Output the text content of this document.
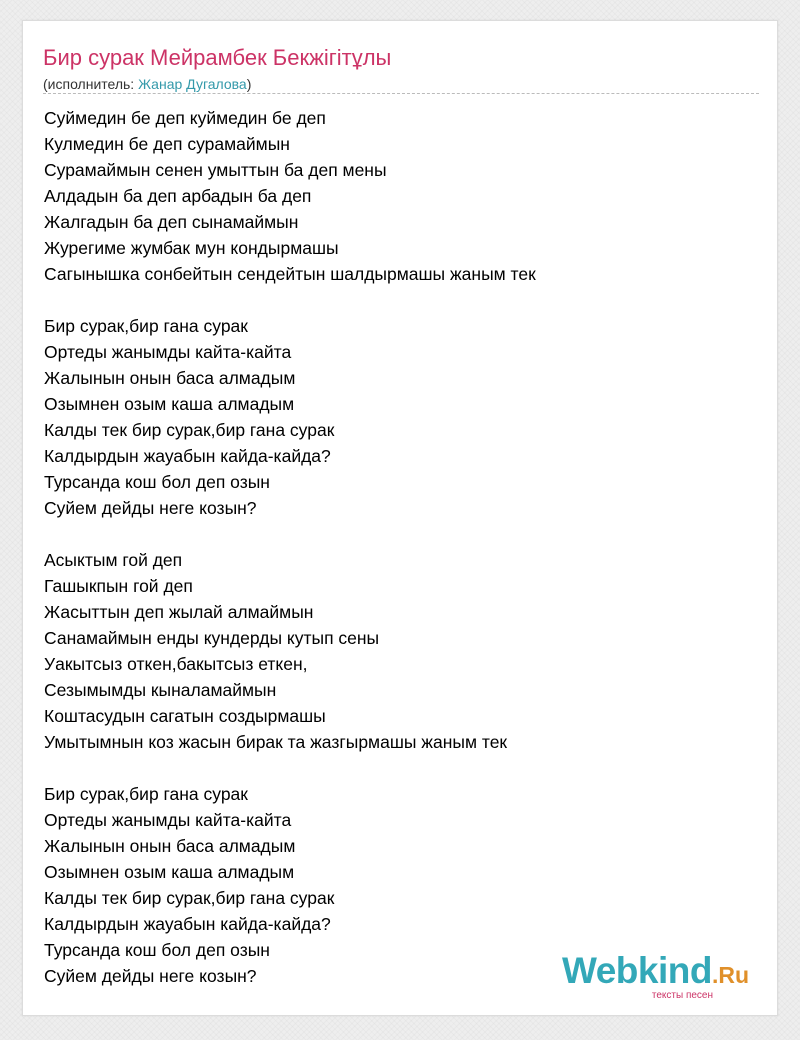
Бир сурак Мейрамбек Бекжігітұлы
(исполнитель: Жанар Дугалова)
Суймедин бе деп куймедин бе деп
Кулмедин бе деп сурамаймын
Сурамаймын сенен умыттын ба деп мены
Алдадын ба деп арбадын ба деп
Жалгадын ба деп сынамаймын
Журегиме жумбак мун кондырмашы
Сагынышка сонбейтын сендейтын шалдырмашы жаным тек
Бир сурак,бир гана сурак
Ортеды жанымды кайта-кайта
Жалынын онын баса алмадым
Озымнен озым каша алмадым
Калды тек бир сурак,бир гана сурак
Калдырдын жауабын кайда-кайда?
Турсанда кош бол деп озын
Суйем дейды неге козын?
Асыктым гой деп
Гашыкпын гой деп
Жасыттын деп жылай алмаймын
Санамаймын енды кундерды кутып сены
Уакытсыз откен,бакытсыз еткен,
Сезымымды кыналамаймын
Коштасудын сагатын создырмашы
Умытымнын коз жасын бирак та жазгырмашы жаным тек
Бир сурак,бир гана сурак
Ортеды жанымды кайта-кайта
Жалынын онын баса алмадым
Озымнен озым каша алмадым
Калды тек бир сурак,бир гана сурак
Калдырдын жауабын кайда-кайда?
Турсанда кош бол деп озын
Суйем дейды неге козын?	Webkind.Ru
тексты песен
